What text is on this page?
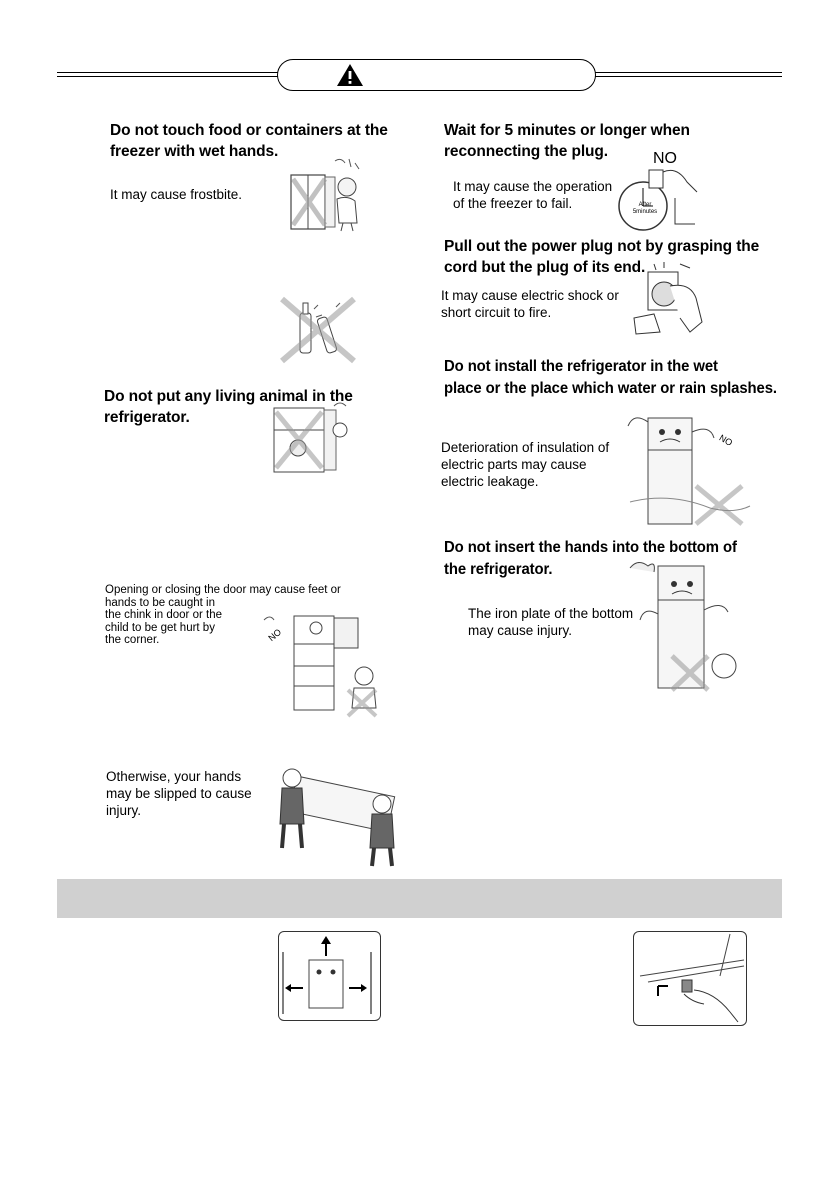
Do not touch food or containers at the
freezer with wet hands.
It may cause frostbite.
Do not put any living animal in the
refrigerator.
Opening or closing the door may cause feet or
hands to be caught in
the chink in door or the
child to be get hurt by
the corner.	NO
Otherwise, your hands
may be slipped to cause
injury.
Wait for 5 minutes or longer when
reconnecting the plug.
It may cause the operation
of the freezer to fail.
NO
After
5minutes
Pull out the power plug not by grasping the
cord but the plug of its end.
It may cause electric shock or
short circuit to fire.
Do not install the refrigerator in the wet
place or the place which water or rain splashes.
Deterioration of insulation of
electric parts may cause
electric leakage.
NO
Do not insert the hands into the bottom of
the refrigerator.
The iron plate of the bottom
may cause injury.
